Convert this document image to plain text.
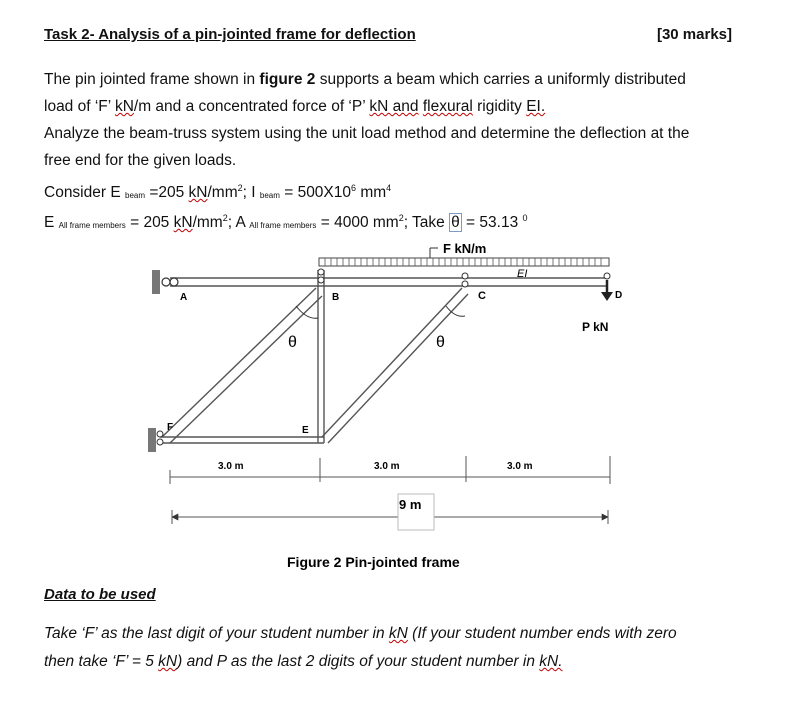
Task 2- Analysis of a pin-jointed frame for deflection	[30 marks]
The pin jointed frame shown in figure 2 supports a beam which carries a uniformly distributed
load of ‘F’ kN/m and a concentrated force of ‘P’ kN and flexural rigidity EI.
Analyze the beam-truss system using the unit load method and determine the deflection at the
free end for the given loads.
Consider E beam =205 $kN/mm^2$; I beam = $500X10^6$ $mm^4$
E All frame members = 205 $kN/mm^2$; A All frame members = 4000 $mm^2$; Take θ = 53.13 $^0$
F kN/m
A	B	C
EI
F	E
θ	θ
D
P kN
3.0 m	3.0 m	3.0 m
9 m
Figure 2 Pin-jointed frame
Data to be used
Take ‘F’ as the last digit of your student number in kN (If your student number ends with zero
then take ‘F’ = 5 kN) and P as the last 2 digits of your student number in kN.
